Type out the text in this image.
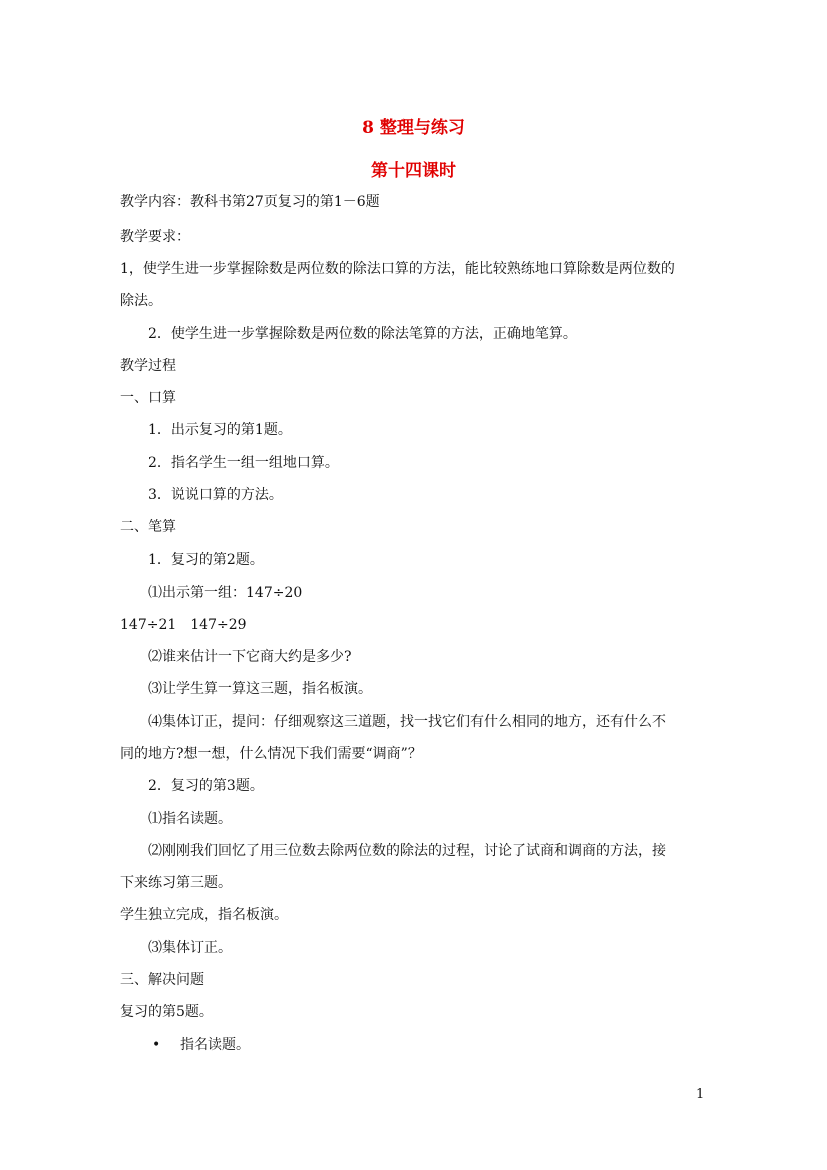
8 整理与练习
第十四课时
教学内容：教科书第27页复习的第1－6题
教学要求：
1，使学生进一步掌握除数是两位数的除法口算的方法，能比较熟练地口算除数是两位数的
除法。
2．使学生进一步掌握除数是两位数的除法笔算的方法，正确地笔算。
教学过程
一、口算
1．出示复习的第1题。
2．指名学生一组一组地口算。
3．说说口算的方法。
二、笔算
1．复习的第2题。
⑴出示第一组：147÷20
147÷21　147÷29
⑵谁来估计一下它商大约是多少?
⑶让学生算一算这三题，指名板演。
⑷集体订正，提问：仔细观察这三道题，找一找它们有什么相同的地方，还有什么不
同的地方?想一想，什么情况下我们需要“调商”？
2．复习的第3题。
⑴指名读题。
⑵刚刚我们回忆了用三位数去除两位数的除法的过程，讨论了试商和调商的方法，接
下来练习第三题。
学生独立完成，指名板演。
⑶集体订正。
三、解决问题
复习的第5题。
• 指名读题。
1
